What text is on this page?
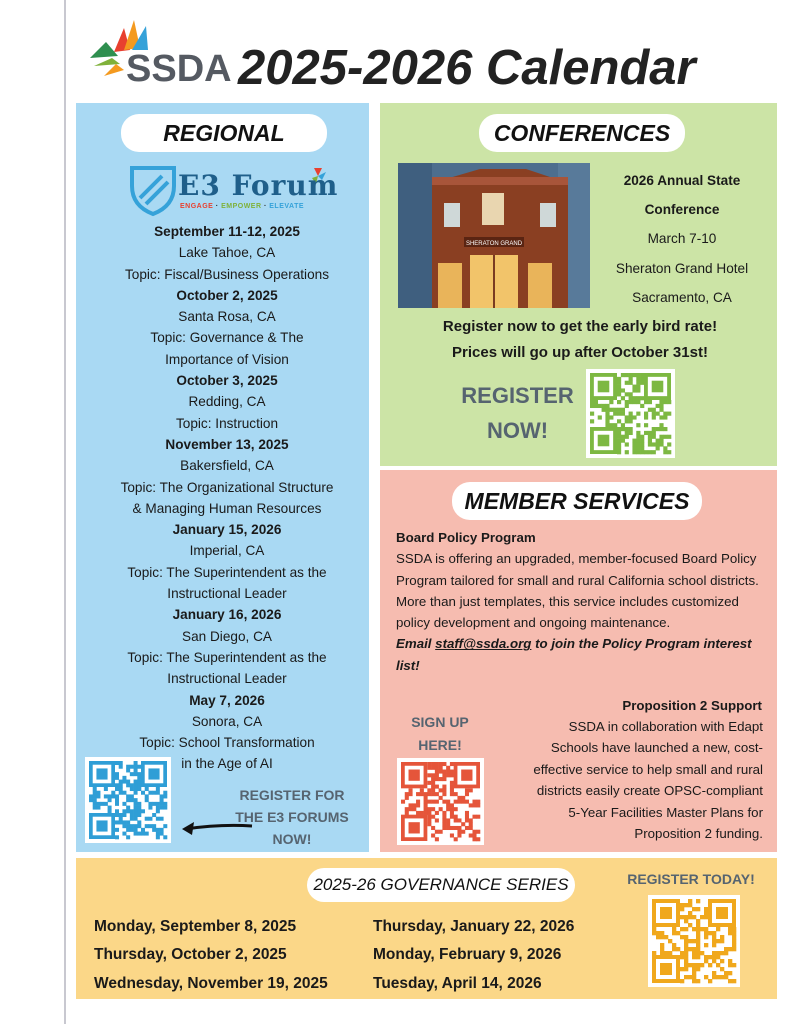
SSDA 2025-2026 Calendar
REGIONAL
E3 Forum
ENGAGE · EMPOWER · ELEVATE
September 11-12, 2025
Lake Tahoe, CA
Topic: Fiscal/Business Operations
October 2, 2025
Santa Rosa, CA
Topic: Governance & The
Importance of Vision
October 3, 2025
Redding, CA
Topic: Instruction
November 13, 2025
Bakersfield, CA
Topic: The Organizational Structure
& Managing Human Resources
January 15, 2026
Imperial, CA
Topic: The Superintendent as the
Instructional Leader
January 16, 2026
San Diego, CA
Topic: The Superintendent as the
Instructional Leader
May 7, 2026
Sonora, CA
Topic: School Transformation
in the Age of AI
REGISTER FOR
THE E3 FORUMS
NOW!
CONFERENCES
SHERATON GRAND
2026 Annual State
Conference
March 7-10
Sheraton Grand Hotel
Sacramento, CA
Register now to get the early bird rate!
Prices will go up after October 31st!
REGISTER
NOW!
MEMBER SERVICES
Board Policy Program
SSDA is offering an upgraded, member-focused Board Policy Program tailored for small and rural California school districts. More than just templates, this service includes customized policy development and ongoing maintenance.
Email staff@ssda.org to join the Policy Program interest list!
Proposition 2 Support
SSDA in collaboration with Edapt
Schools have launched a new, cost-
effective service to help small and rural
districts easily create OPSC-compliant
5-Year Facilities Master Plans for
Proposition 2 funding.
SIGN UP
HERE!
2025-26 GOVERNANCE SERIES	REGISTER TODAY!
Monday, September 8, 2025
Thursday, October 2, 2025
Wednesday, November 19, 2025
Thursday, January 22, 2026
Monday, February 9, 2026
Tuesday, April 14, 2026
